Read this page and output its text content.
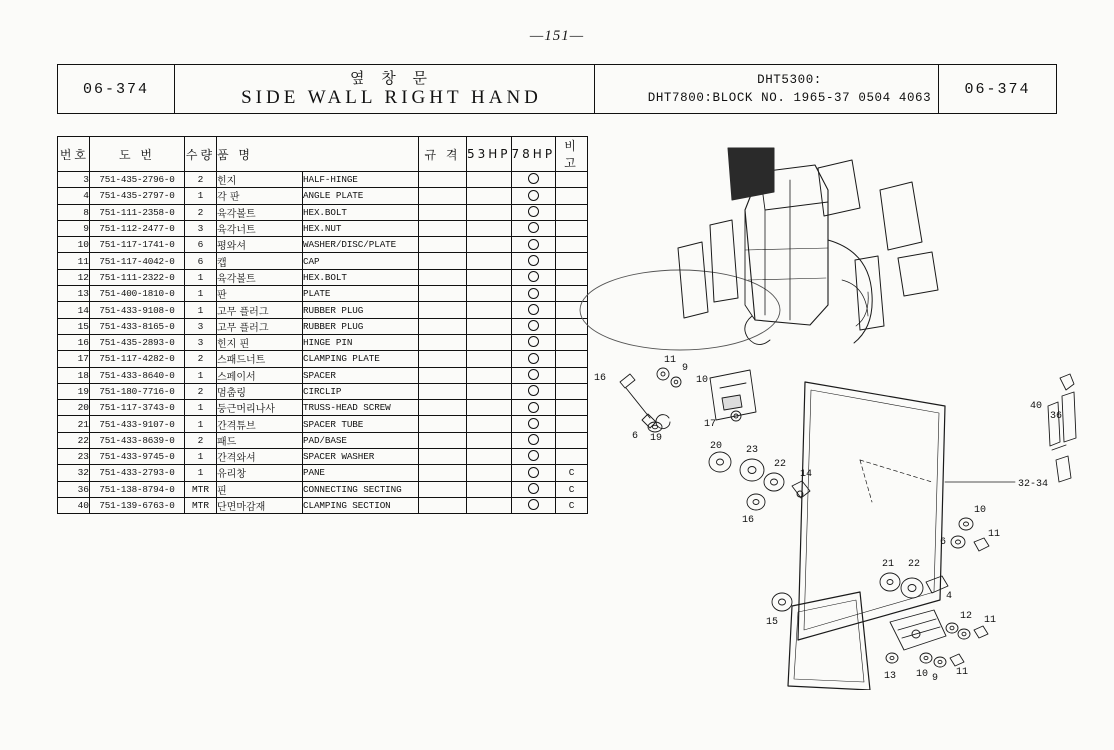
—151—
06-374
옆 창 문
SIDE WALL RIGHT HAND
DHT5300:
DHT7800:BLOCK NO. 1965-37 0504 4063
06-374
번호	도 번	수량	품 명		규 격	53HP	78HP	비 고
3	751-435-2796-0	2	힌지	HALF-HINGE				
4	751-435-2797-0	1	각 판	ANGLE PLATE				
8	751-111-2358-0	2	육각볼트	HEX.BOLT				
9	751-112-2477-0	3	육각너트	HEX.NUT				
10	751-117-1741-0	6	평와셔	WASHER/DISC/PLATE				
11	751-117-4042-0	6	캡	CAP				
12	751-111-2322-0	1	육각볼트	HEX.BOLT				
13	751-400-1810-0	1	판	PLATE				
14	751-433-9108-0	1	고무 플러그	RUBBER PLUG				
15	751-433-8165-0	3	고무 플러그	RUBBER PLUG				
16	751-435-2893-0	3	힌지 핀	HINGE PIN				
17	751-117-4282-0	2	스패드너트	CLAMPING PLATE				
18	751-433-8640-0	1	스페이서	SPACER				
19	751-180-7716-0	2	멈춤링	CIRCLIP				
20	751-117-3743-0	1	둥근머리나사	TRUSS-HEAD SCREW				
21	751-433-9107-0	1	간격튜브	SPACER TUBE				
22	751-433-8639-0	2	패드	PAD/BASE				
23	751-433-9745-0	1	간격와셔	SPACER WASHER				
32	751-433-2793-0	1	유리창	PANE				C
36	751-138-8794-0	MTR	핀	CONNECTING SECTING				C
40	751-139-6763-0	MTR	단면마감재	CLAMPING SECTION				C
16
11
9
10
6 19
17
40
36
32-34
20 23
22
16
14
10
6
11
15
21 22
4
12 11
13 10 9
11
